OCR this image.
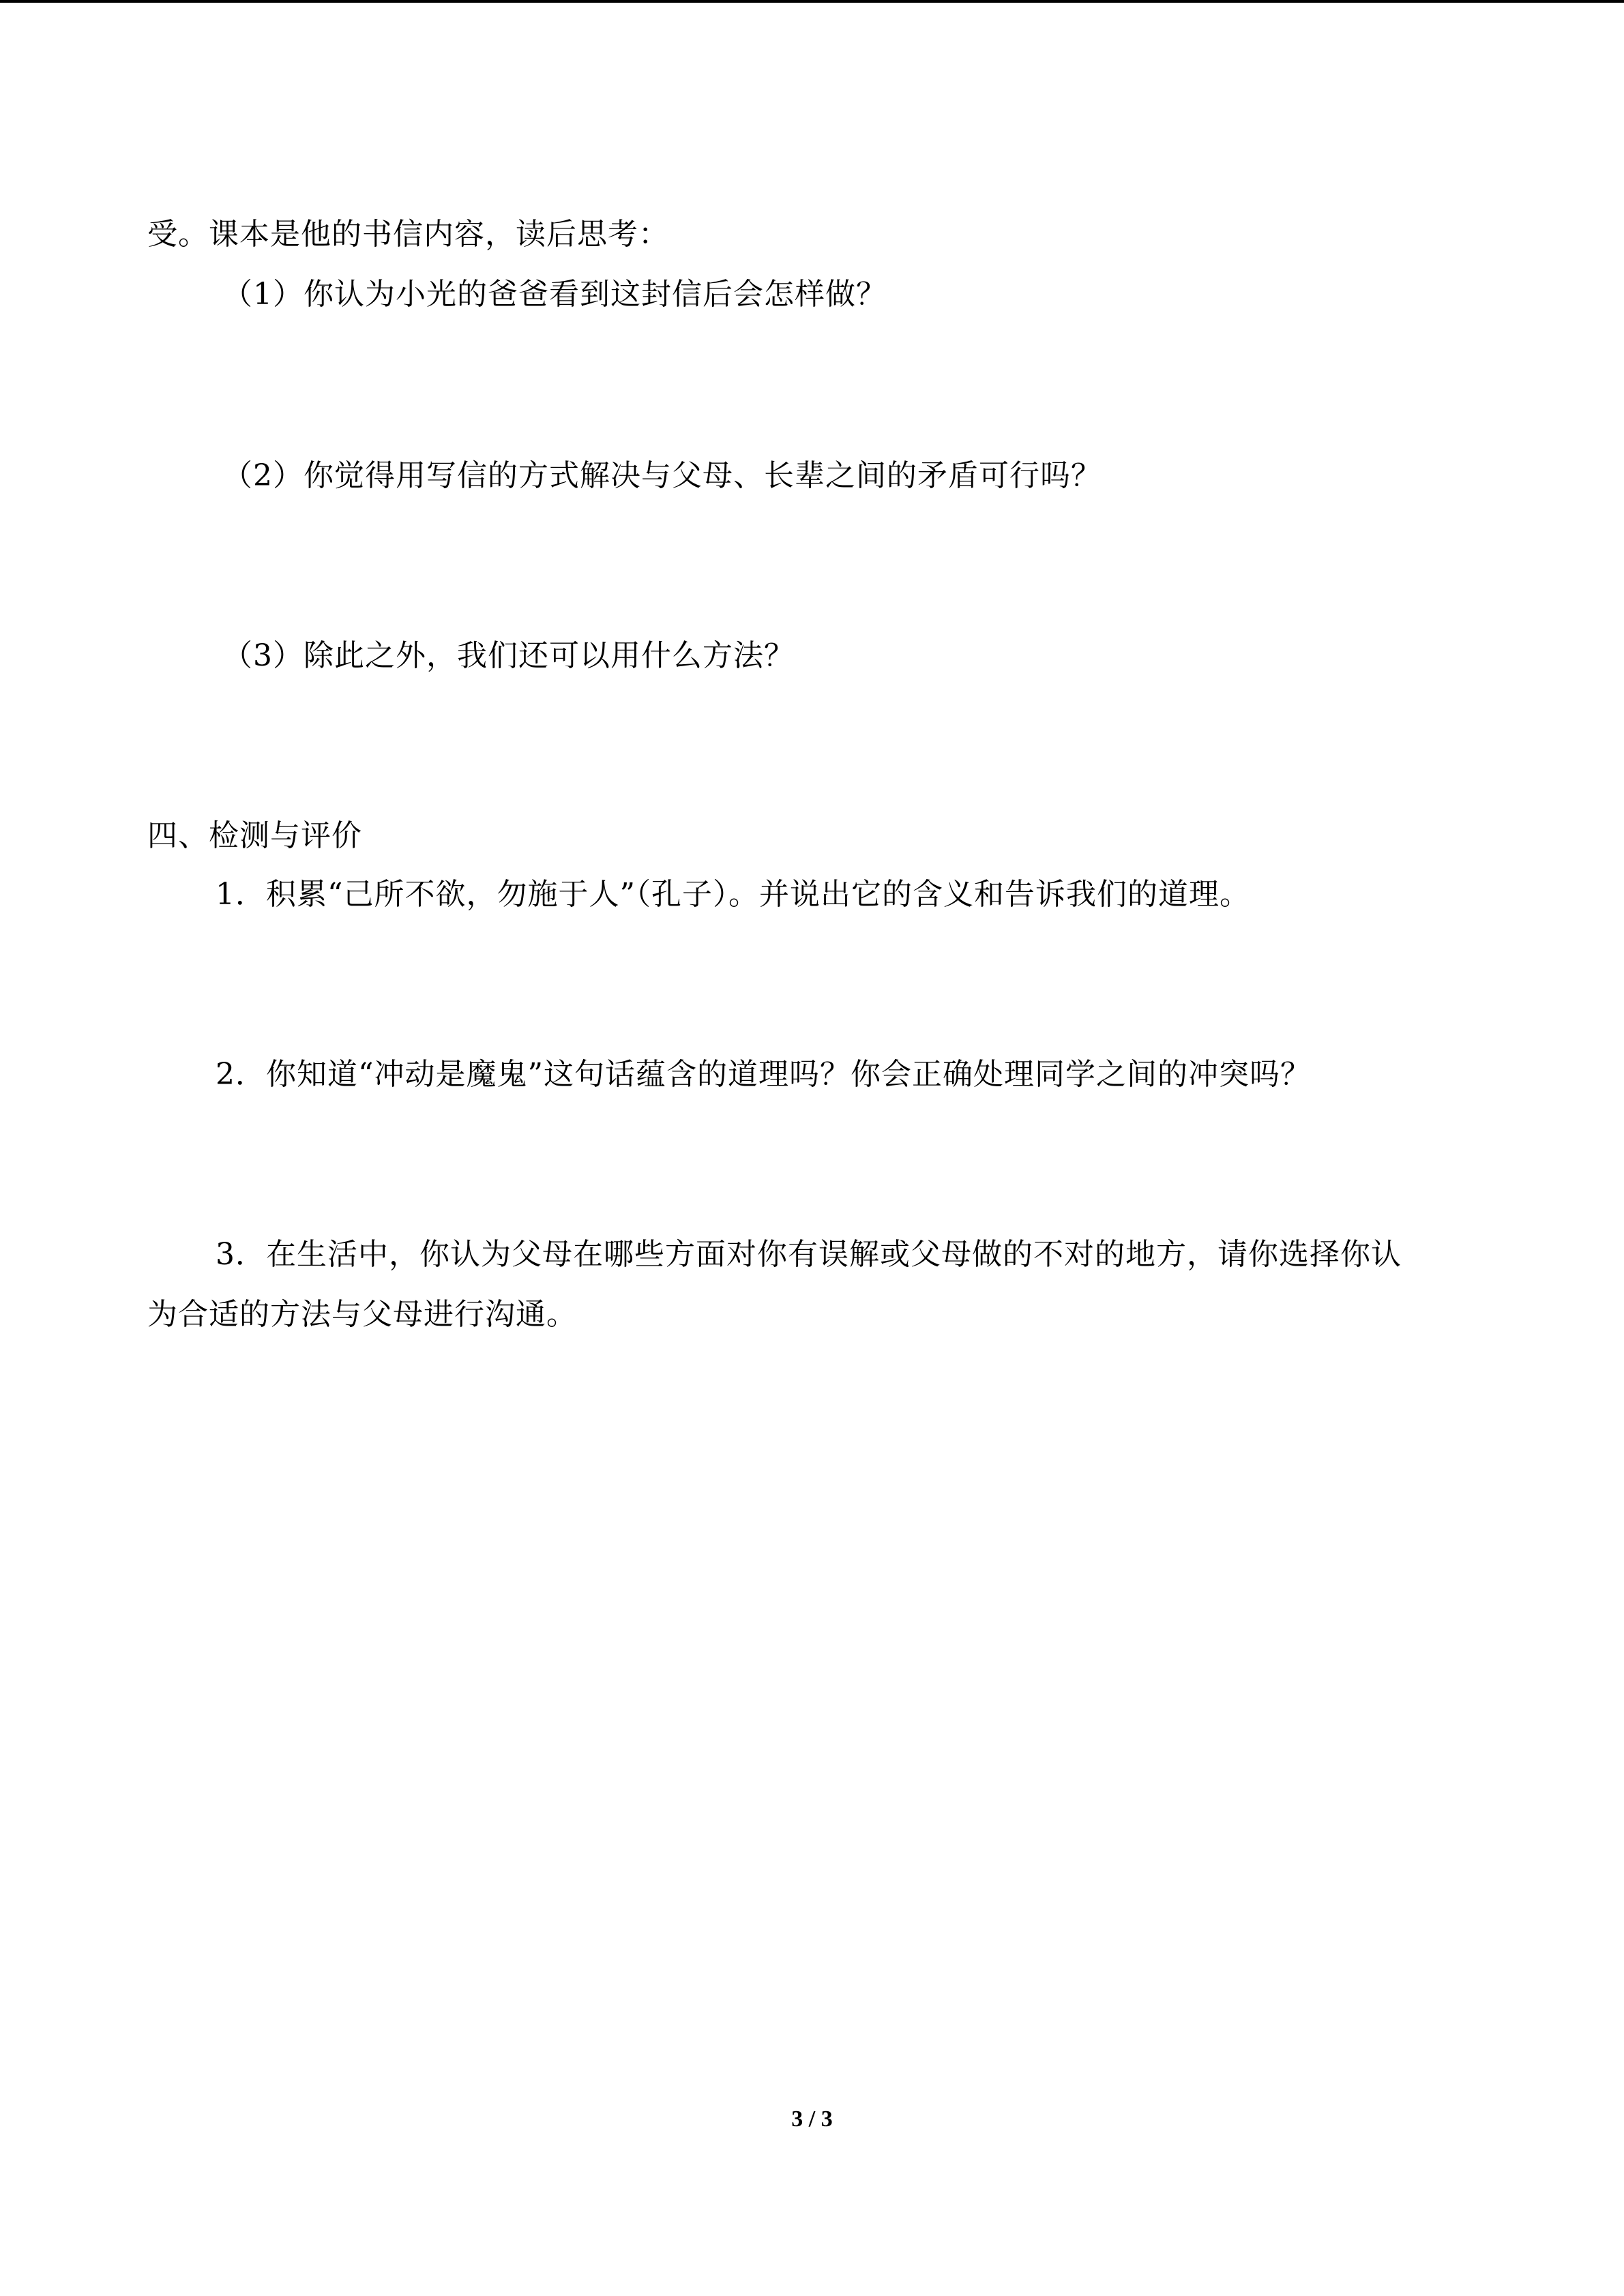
受。课本是他的书信内容，读后思考：
（1）你认为小光的爸爸看到这封信后会怎样做？
（2）你觉得用写信的方式解决与父母、长辈之间的矛盾可行吗？
（3）除此之外，我们还可以用什么方法？
四、检测与评价
1．积累“己所不欲，勿施于人”（孔子）。并说出它的含义和告诉我们的道理。
2．你知道“冲动是魔鬼”这句话蕴含的道理吗？你会正确处理同学之间的冲突吗？
3．在生活中，你认为父母在哪些方面对你有误解或父母做的不对的地方，请你选择你认
为合适的方法与父母进行沟通。
3 / 3
